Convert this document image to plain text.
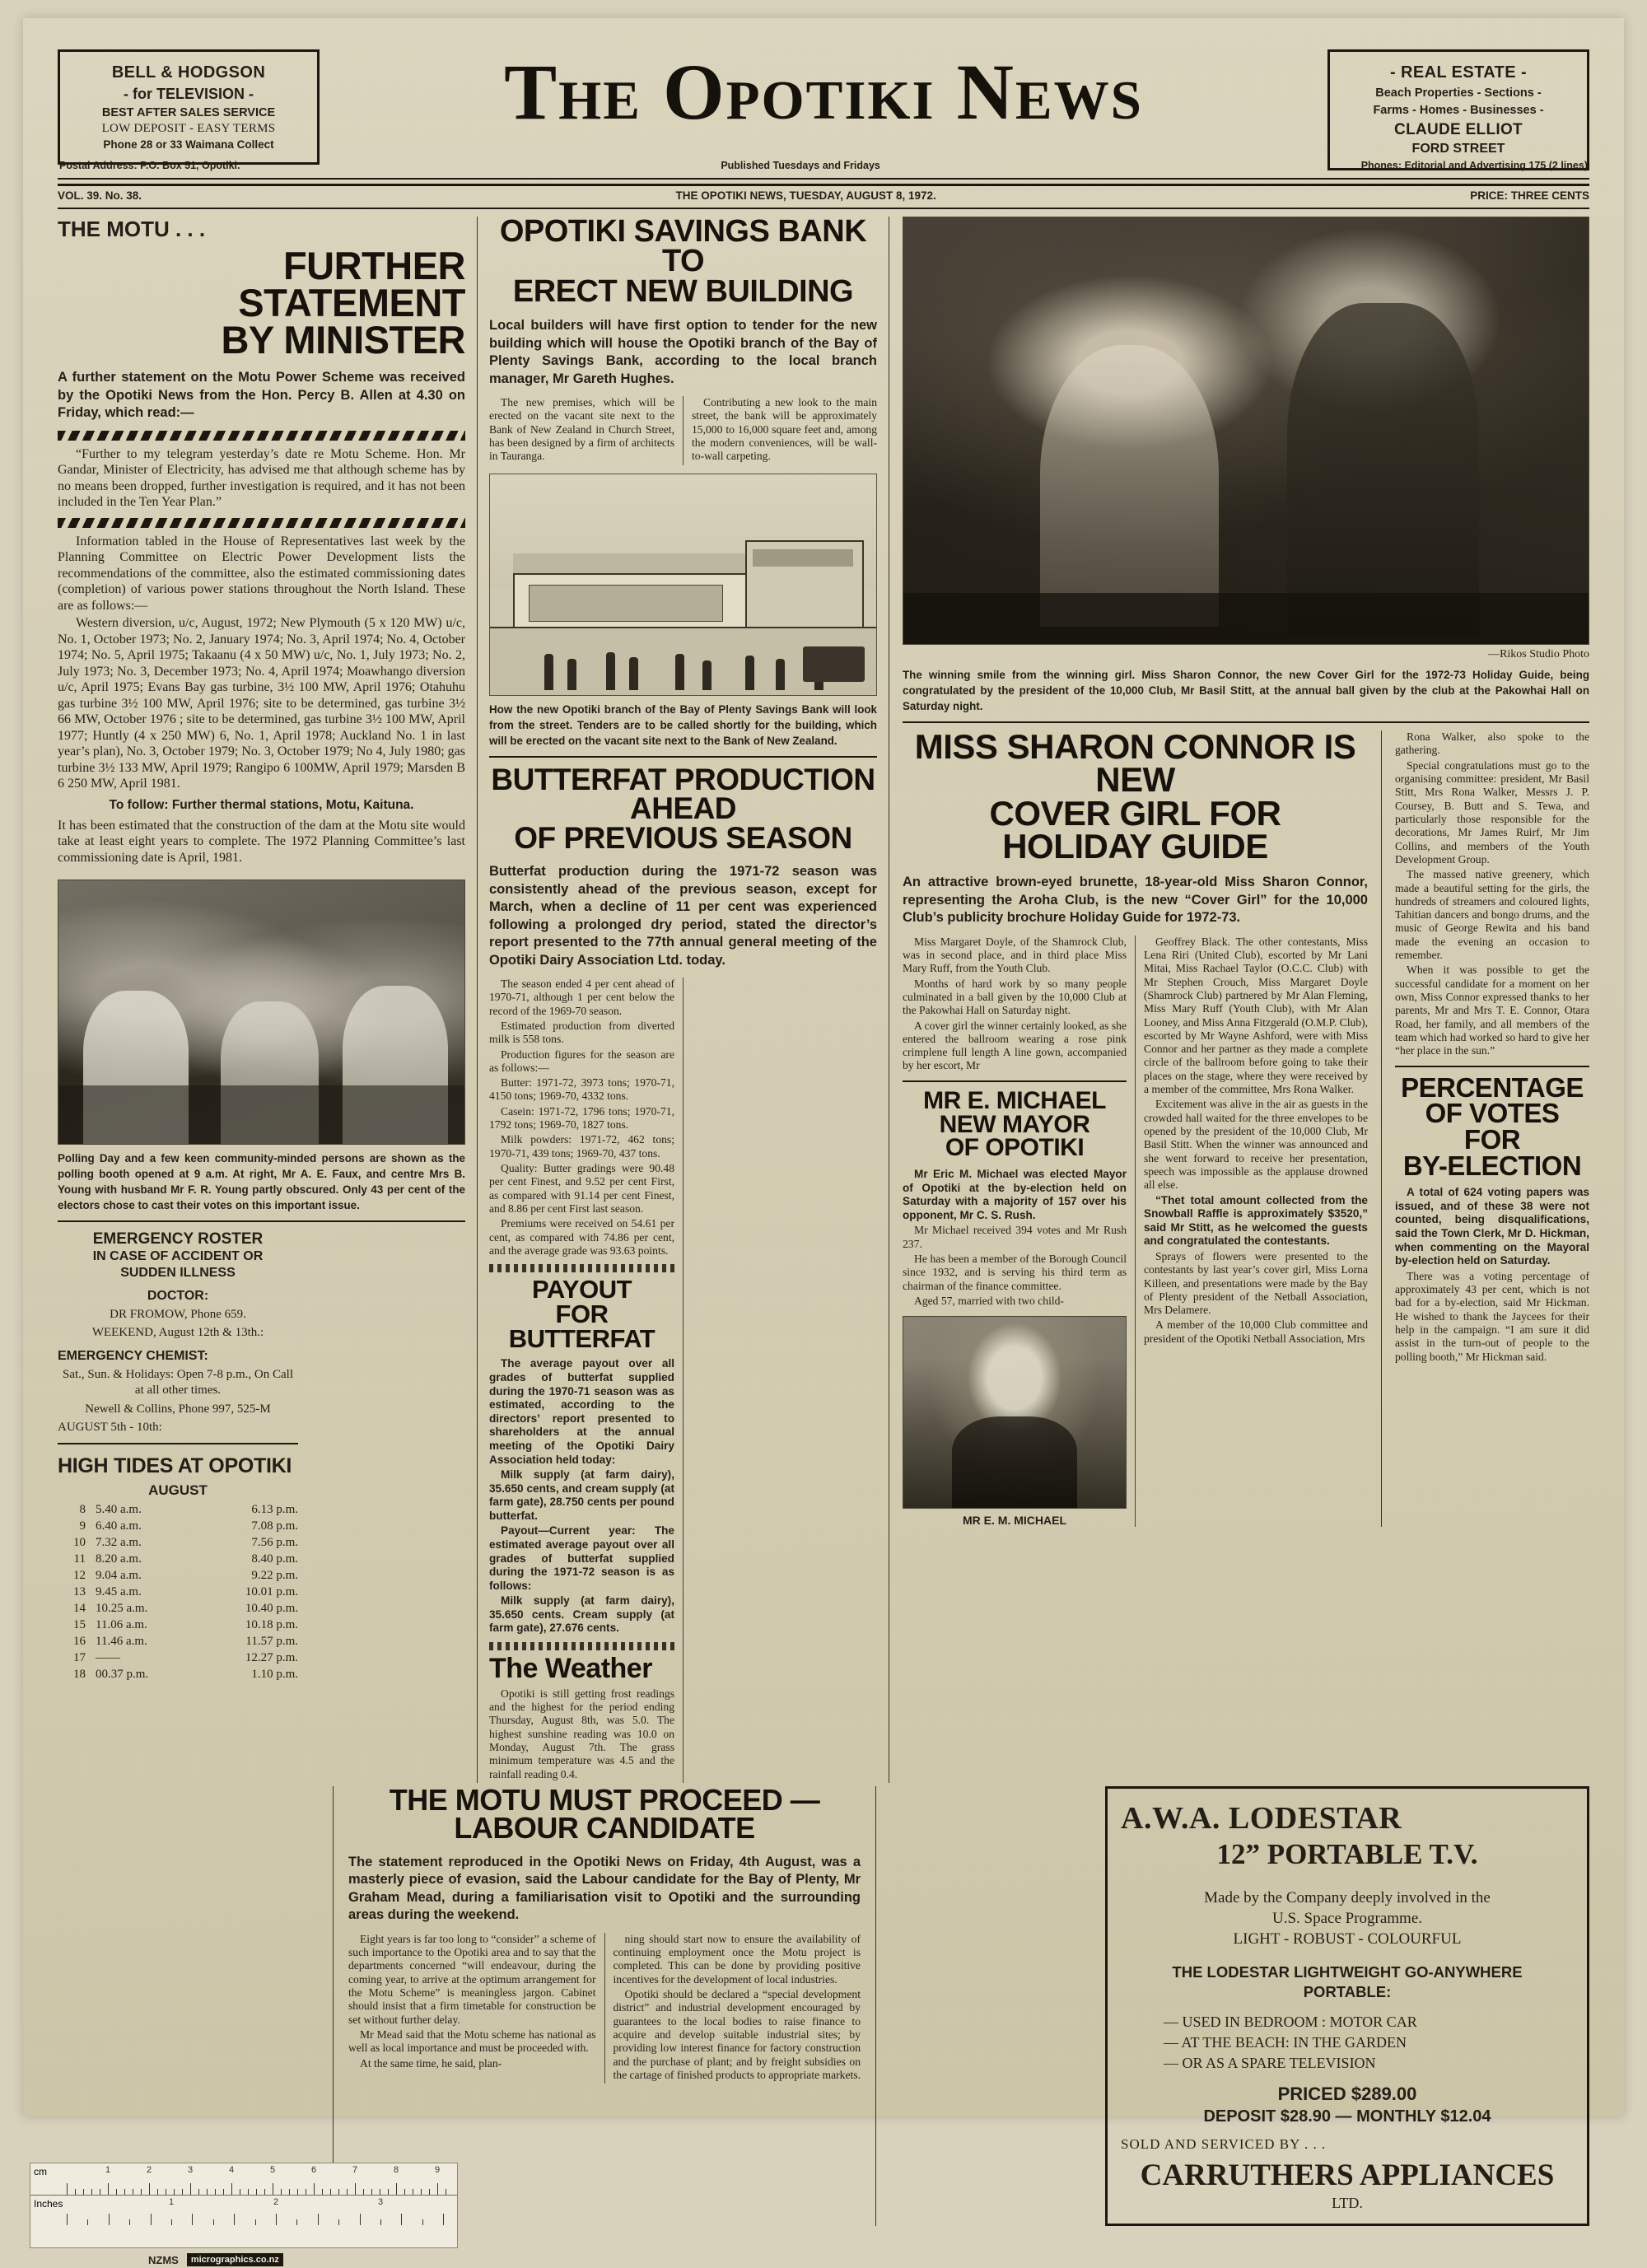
BELL & HODGSON
- for TELEVISION -
BEST AFTER SALES SERVICE
LOW DEPOSIT - EASY TERMS
Phone 28 or 33 Waimana Collect
The Opotiki News	- REAL ESTATE -
Beach Properties - Sections -
Farms - Homes - Businesses -
CLAUDE ELLIOT
FORD STREET
Postal Address: P.O. Box 51, Opotiki.	Published Tuesdays and Fridays	Phones: Editorial and Advertising 175 (2 lines)
VOL. 39. No. 38.	THE OPOTIKI NEWS, TUESDAY, AUGUST 8, 1972.	PRICE: THREE CENTS
THE MOTU . . .
FURTHER STATEMENT
BY MINISTER
A further statement on the Motu Power Scheme was received by the Opotiki News from the Hon. Percy B. Allen at 4.30 on Friday, which read:—

“Further to my telegram yesterday’s date re Motu Scheme. Hon. Mr Gandar, Minister of Electricity, has advised me that although scheme has by no means been dropped, further investigation is required, and it has not been included in the Ten Year Plan.”

Information tabled in the House of Representatives last week by the Planning Committee on Electric Power Development lists the recommendations of the committee, also the estimated commissioning dates (completion) of various power stations throughout the North Island. These are as follows:—

Western diversion, u/c, August, 1972; New Plymouth (5 x 120 MW) u/c, No. 1, October 1973; No. 2, January 1974; No. 3, April 1974; No. 4, October 1974; No. 5, April 1975; Takaanu (4 x 50 MW) u/c, No. 1, July 1973; No. 2, July 1973; No. 3, December 1973; No. 4, April 1974; Moawhango diversion u/c, April 1975; Evans Bay gas turbine, 3½ 100 MW, April 1976; Otahuhu gas turbine 3½ 100 MW, April 1976; site to be determined, gas turbine 3½ 66 MW, October 1976 ; site to be determined, gas turbine 3½ 100 MW, April 1977; Huntly (4 x 250 MW) 6, No. 1, April 1978; Auckland No. 1 in last year’s plan), No. 3, October 1979; No. 3, October 1979; No 4, July 1980; gas turbine 3½ 133 MW, April 1979; Rangipo 6 100MW, April 1979; Marsden B 6 250 MW, April 1981.

To follow: Further thermal stations, Motu, Kaituna.

It has been estimated that the construction of the dam at the Motu site would take at least eight years to complete. The 1972 Planning Committee’s last commissioning date is April, 1981.

Polling Day and a few keen community-minded persons are shown as the polling booth opened at 9 a.m. At right, Mr A. E. Faux, and centre Mrs B. Young with husband Mr F. R. Young partly obscured. Only 43 per cent of the electors chose to cast their votes on this important issue.

EMERGENCY ROSTER
IN CASE OF ACCIDENT OR
SUDDEN ILLNESS
DOCTOR:
DR FROMOW, Phone 659.
WEEKEND, August 12th & 13th.:
EMERGENCY CHEMIST:
Sat., Sun. & Holidays: Open 7-8 p.m., On Call at all other times.
Newell & Collins, Phone 997, 525-M
AUGUST 5th - 10th:
HIGH TIDES AT OPOTIKI
AUGUST
8	5.40 a.m.	6.13 p.m.
9	6.40 a.m.	7.08 p.m.
10	7.32 a.m.	7.56 p.m.
11	8.20 a.m.	8.40 p.m.
12	9.04 a.m.	9.22 p.m.
13	9.45 a.m.	10.01 p.m.
14	10.25 a.m.	10.40 p.m.
15	11.06 a.m.	10.18 p.m.
16	11.46 a.m.	11.57 p.m.
17	——	12.27 p.m.
18	00.37 p.m.	1.10 p.m.
OPOTIKI SAVINGS BANK TO
ERECT NEW BUILDING
Local builders will have first option to tender for the new building which will house the Opotiki branch of the Bay of Plenty Savings Bank, according to the local branch manager, Mr Gareth Hughes.

The new premises, which will be erected on the vacant site next to the Bank of New Zealand in Church Street, has been designed by a firm of architects in Tauranga.

Contributing a new look to the main street, the bank will be approximately 15,000 to 16,000 square feet and, among the modern conveniences, will be wall-to-wall carpeting.

How the new Opotiki branch of the Bay of Plenty Savings Bank will look from the street. Tenders are to be called shortly for the building, which will be erected on the vacant site next to the Bank of New Zealand.

BUTTERFAT PRODUCTION AHEAD
OF PREVIOUS SEASON
Butterfat production during the 1971-72 season was consistently ahead of the previous season, except for March, when a decline of 11 per cent was experienced following a prolonged dry period, stated the director’s report presented to the 77th annual general meeting of the Opotiki Dairy Association Ltd. today.

The season ended 4 per cent ahead of 1970-71, although 1 per cent below the record of the 1969-70 season.

Estimated production from diverted milk is 558 tons.

Production figures for the season are as follows:—

Butter: 1971-72, 3973 tons; 1970-71, 4150 tons; 1969-70, 4332 tons.

Casein: 1971-72, 1796 tons; 1970-71, 1792 tons; 1969-70, 1827 tons.

Milk powders: 1971-72, 462 tons; 1970-71, 439 tons; 1969-70, 437 tons.

Quality: Butter gradings were 90.48 per cent Finest, and 9.52 per cent First, as compared with 91.14 per cent Finest, and 8.86 per cent First last season.

Premiums were received on 54.61 per cent, as compared with 74.86 per cent, and the average grade was 93.63 points.

PAYOUT
FOR
BUTTERFAT

The average payout over all grades of butterfat supplied during the 1970-71 season was as estimated, according to the directors’ report presented to shareholders at the annual meeting of the Opotiki Dairy Association held today:

Milk supply (at farm dairy), 35.650 cents, and cream supply (at farm gate), 28.750 cents per pound butterfat.

Payout—Current year: The estimated average payout over all grades of butterfat supplied during the 1971-72 season is as follows:

Milk supply (at farm dairy), 35.650 cents. Cream supply (at farm gate), 27.676 cents.

The Weather

Opotiki is still getting frost readings and the highest for the period ending Thursday, August 8th, was 5.0. The highest sunshine reading was 10.0 on Monday, August 7th. The grass minimum temperature was 4.5 and the rainfall reading 0.4.

—Rikos Studio Photo

The winning smile from the winning girl. Miss Sharon Connor, the new Cover Girl for the 1972-73 Holiday Guide, being congratulated by the president of the 10,000 Club, Mr Basil Stitt, at the annual ball given by the club at the Pakowhai Hall on Saturday night.

MISS SHARON CONNOR IS NEW
COVER GIRL FOR
HOLIDAY GUIDE
An attractive brown-eyed brunette, 18-year-old Miss Sharon Connor, representing the Aroha Club, is the new “Cover Girl” for the 10,000 Club’s publicity brochure Holiday Guide for 1972-73.

Miss Margaret Doyle, of the Shamrock Club, was in second place, and in third place Miss Mary Ruff, from the Youth Club.

Months of hard work by so many people culminated in a ball given by the 10,000 Club at the Pakowhai Hall on Saturday night.

A cover girl the winner certainly looked, as she entered the ballroom wearing a rose pink crimplene full length A line gown, accompanied by her escort, Mr

MR E. MICHAEL
NEW MAYOR
OF OPOTIKI

Mr Eric M. Michael was elected Mayor of Opotiki at the by-election held on Saturday with a majority of 157 over his opponent, Mr C. S. Rush.

Mr Michael received 394 votes and Mr Rush 237.

He has been a member of the Borough Council since 1932, and is serving his third term as chairman of the finance committee.

Aged 57, married with two child-

MR E. M. MICHAEL

Geoffrey Black. The other contestants, Miss Lena Riri (United Club), escorted by Mr Lani Mitai, Miss Rachael Taylor (O.C.C. Club) with Mr Stephen Crouch, Miss Margaret Doyle (Shamrock Club) partnered by Mr Alan Fleming, Miss Mary Ruff (Youth Club), with Mr Alan Looney, and Miss Anna Fitzgerald (O.M.P. Club), escorted by Mr Wayne Ashford, were with Miss Connor and her partner as they made a complete circle of the ballroom before going to take their places on the stage, where they were received by a member of the committee, Mrs Rona Walker.

Excitement was alive in the air as guests in the crowded hall waited for the three envelopes to be opened by the president of the 10,000 Club, Mr Basil Stitt. When the winner was announced and she went forward to receive her presentation, speech was impossible as the applause drowned all else.

“Thet total amount collected from the Snowball Raffle is approximately $3520,” said Mr Stitt, as he welcomed the guests and congratulated the contestants.

Sprays of flowers were presented to the contestants by last year’s cover girl, Miss Lorna Killeen, and presentations were made by the Bay of Plenty president of the Netball Association, Mrs Delamere.

A member of the 10,000 Club committee and president of the Opotiki Netball Association, Mrs

Rona Walker, also spoke to the gathering.

Special congratulations must go to the organising committee: president, Mr Basil Stitt, Mrs Rona Walker, Messrs J. P. Coursey, B. Butt and S. Tewa, and particularly those responsible for the decorations, Mr James Ruirf, Mr Jim Collins, and members of the Youth Development Group.

The massed native greenery, which made a beautiful setting for the girls, the hundreds of streamers and coloured lights, Tahitian dancers and bongo drums, and the music of George Rewita and his band made the evening an occasion to remember.

When it was possible to get the successful candidate for a moment on her own, Miss Connor expressed thanks to her parents, Mr and Mrs T. E. Connor, Otara Road, her family, and all members of the team which had worked so hard to give her “her place in the sun.”

PERCENTAGE
OF VOTES FOR
BY-ELECTION

A total of 624 voting papers was issued, and of these 38 were not counted, being disqualifications, said the Town Clerk, Mr D. Hickman, when commenting on the Mayoral by-election held on Saturday.

There was a voting percentage of approximately 43 per cent, which is not bad for a by-election, said Mr Hickman. He wished to thank the Jaycees for their help in the campaign. “I am sure it did assist in the turn-out of people to the polling booth,” Mr Hickman said.

THE MOTU MUST PROCEED —
LABOUR CANDIDATE
The statement reproduced in the Opotiki News on Friday, 4th August, was a masterly piece of evasion, said the Labour candidate for the Bay of Plenty, Mr Graham Mead, during a familiarisation visit to Opotiki and the surrounding areas during the weekend.

Eight years is far too long to “consider” a scheme of such importance to the Opotiki area and to say that the departments concerned “will endeavour, during the coming year, to arrive at the optimum arrangement for the Motu Scheme” is meaningless jargon. Cabinet should insist that a firm timetable for construction be set without further delay.

Mr Mead said that the Motu scheme has national as well as local importance and must be proceeded with.

At the same time, he said, plan-

ning should start now to ensure the availability of continuing employment once the Motu project is completed. This can be done by providing positive incentives for the development of local industries.

Opotiki should be declared a “special development district” and industrial development encouraged by guarantees to the local bodies to raise finance to acquire and develop suitable industrial sites; by providing low interest finance for factory construction and the purchase of plant; and by freight subsidies on the cartage of finished products to appropriate markets.

A.W.A. LODESTAR
12” PORTABLE T.V.
Made by the Company deeply involved in the
U.S. Space Programme.
LIGHT - ROBUST - COLOURFUL
THE LODESTAR LIGHTWEIGHT GO-ANYWHERE
PORTABLE:
— USED IN BEDROOM : MOTOR CAR
— AT THE BEACH: IN THE GARDEN
— OR AS A SPARE TELEVISION
PRICED $289.00
DEPOSIT $28.90 — MONTHLY $12.04
SOLD AND SERVICED BY . . .
CARRUTHERS APPLIANCES
LTD.
cm	1	2	3	4	5	6	7	8	9
Inches	1	2	3
NZMS	micrographics.co.nz
